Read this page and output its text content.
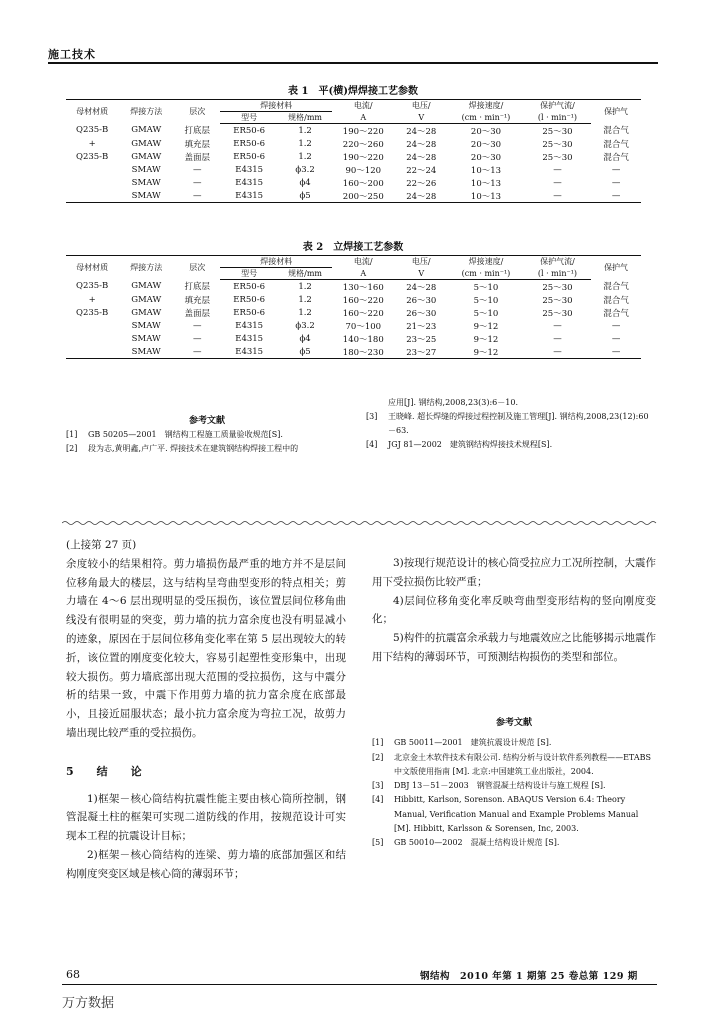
施工技术
表 1　平(横)焊焊接工艺参数
母材材质	焊接方法	层次	焊接材料		电流/	电压/	焊接速度/	保护气流/	保护气
			型号	规格/mm	A	V	(cm · min⁻¹)	(l · min⁻¹)	
Q235-B	GMAW	打底层	ER50-6	1.2	190～220	24～28	20～30	25～30	混合气
+	GMAW	填充层	ER50-6	1.2	220～260	24～28	20～30	25～30	混合气
Q235-B	GMAW	盖面层	ER50-6	1.2	190～220	24～28	20～30	25～30	混合气
	SMAW	—	E4315	ϕ3.2	90～120	22～24	10～13	—	—
	SMAW	—	E4315	ϕ4	160～200	22～26	10～13	—	—
	SMAW	—	E4315	ϕ5	200～250	24～28	10～13	—	—
表 2　立焊接工艺参数
母材材质	焊接方法	层次	焊接材料		电流/	电压/	焊接速度/	保护气流/	保护气
			型号	规格/mm	A	V	(cm · min⁻¹)	(l · min⁻¹)	
Q235-B	GMAW	打底层	ER50-6	1.2	130～160	24～28	5～10	25～30	混合气
+	GMAW	填充层	ER50-6	1.2	160～220	26～30	5～10	25～30	混合气
Q235-B	GMAW	盖面层	ER50-6	1.2	160～220	26～30	5～10	25～30	混合气
	SMAW	—	E4315	ϕ3.2	70～100	21～23	9～12	—	—
	SMAW	—	E4315	ϕ4	140～180	23～25	9～12	—	—
	SMAW	—	E4315	ϕ5	180～230	23～27	9～12	—	—
参考文献
[1]	GB 50205—2001　钢结构工程施工质量验收规范[S].
[2]	段为志,黄明鑫,卢广平. 焊接技术在建筑钢结构焊接工程中的
应用[J]. 钢结构,2008,23(3):6－10.
[3]	王晓峰. 超长焊缝的焊接过程控制及施工管理[J]. 钢结构,2008,23(12):60－63.
[4]	JGJ 81—2002　建筑钢结构焊接技术规程[S].
(上接第 27 页)
余度较小的结果相符。剪力墙损伤最严重的地方并不是层间位移角最大的楼层，这与结构呈弯曲型变形的特点相关；剪力墙在 4～6 层出现明显的受压损伤，该位置层间位移角曲线没有很明显的突变，剪力墙的抗力富余度也没有明显减小的迹象，原因在于层间位移角变化率在第 5 层出现较大的转折，该位置的刚度变化较大，容易引起塑性变形集中，出现较大损伤。剪力墙底部出现大范围的受拉损伤，这与中震分析的结果一致，中震下作用剪力墙的抗力富余度在底部最小，且接近屈服状态；最小抗力富余度为弯拉工况，故剪力墙出现比较严重的受拉损伤。
5　结　论
1)框架－核心筒结构抗震性能主要由核心筒所控制，钢管混凝土柱的框架可实现二道防线的作用，按规范设计可实现本工程的抗震设计目标；
2)框架－核心筒结构的连梁、剪力墙的底部加强区和结构刚度突变区域是核心筒的薄弱环节；
3)按现行规范设计的核心筒受拉应力工况所控制，大震作用下受拉损伤比较严重；
4)层间位移角变化率反映弯曲型变形结构的竖向刚度变化；
5)构件的抗震富余承载力与地震效应之比能够揭示地震作用下结构的薄弱环节，可预测结构损伤的类型和部位。
参考文献
[1]	GB 50011—2001　建筑抗震设计规范 [S].
[2]	北京金土木软件技术有限公司. 结构分析与设计软件系列教程——ETABS 中文版使用指南 [M]. 北京:中国建筑工业出版社，2004.
[3]	DBJ 13－51－2003　钢管混凝土结构设计与施工规程 [S].
[4]	Hibbitt, Karlson, Sorenson. ABAQUS Version 6.4: Theory Manual, Verification Manual and Example Problems Manual [M]. Hibbitt, Karlsson & Sorensen, Inc, 2003.
[5]	GB 50010—2002　混凝土结构设计规范 [S].
68	钢结构　2010 年第 1 期第 25 卷总第 129 期
万方数据
